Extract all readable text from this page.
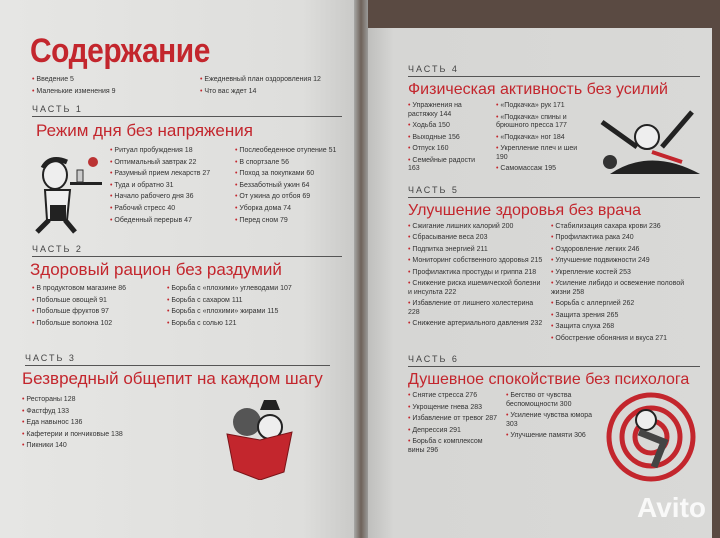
Содержание
• Введение 5
• Маленькие изменения 9
• Ежедневный план оздоровления 12
• Что вас ждет 14
ЧАСТЬ 1
Режим дня без напряжения
• Ритуал пробуждения 18
• Оптимальный завтрак 22
• Разумный прием лекарств 27
• Туда и обратно 31
• Начало рабочего дня 36
• Рабочий стресс 40
• Обеденный перерыв 47
• Послеобеденное отупение 51
• В спортзале 56
• Поход за покупками 60
• Беззаботный ужин 64
• От ужина до отбоя 69
• Уборка дома 74
• Перед сном 79
ЧАСТЬ 2
Здоровый рацион без раздумий
• В продуктовом магазине 86
• Побольше овощей 91
• Побольше фруктов 97
• Побольше волокна 102
• Борьба с «плохими» углеводами 107
• Борьба с сахаром 111
• Борьба с «плохими» жирами 115
• Борьба с солью 121
ЧАСТЬ 3
Безвредный общепит на каждом шагу
• Рестораны 128
• Фастфуд 133
• Еда навынос 136
• Кафетерии и пончиковые 138
• Пикники 140
ЧАСТЬ 4
Физическая активность без усилий
• Упражнения на растяжку 144
• Ходьба 150
• Выходные 156
• Отпуск 160
• Семейные радости 163
• «Подкачка» рук 171
• «Подкачка» спины и брюшного пресса 177
• «Подкачка» ног 184
• Укрепление плеч и шеи 190
• Самомассаж 195
ЧАСТЬ 5
Улучшение здоровья без врача
• Сжигание лишних калорий 200
• Сбрасывание веса 203
• Подпитка энергией 211
• Мониторинг собственного здоровья 215
• Профилактика простуды и гриппа 218
• Снижение риска ишемической болезни и инсульта 222
• Избавление от лишнего холестерина 228
• Снижение артериального давления 232
• Стабилизация сахара крови 236
• Профилактика рака 240
• Оздоровление легких 246
• Улучшение подвижности 249
• Укрепление костей 253
• Усиление либидо и освежение половой жизни 258
• Борьба с аллергией 262
• Защита зрения 265
• Защита слуха 268
• Обострение обоняния и вкуса 271
ЧАСТЬ 6
Душевное спокойствие без психолога
• Снятие стресса 276
• Укрощение гнева 283
• Избавление от тревог 287
• Депрессия 291
• Борьба с комплексом вины 296
• Бегство от чувства беспомощности 300
• Усиление чувства юмора 303
• Улучшение памяти 306
Avito
